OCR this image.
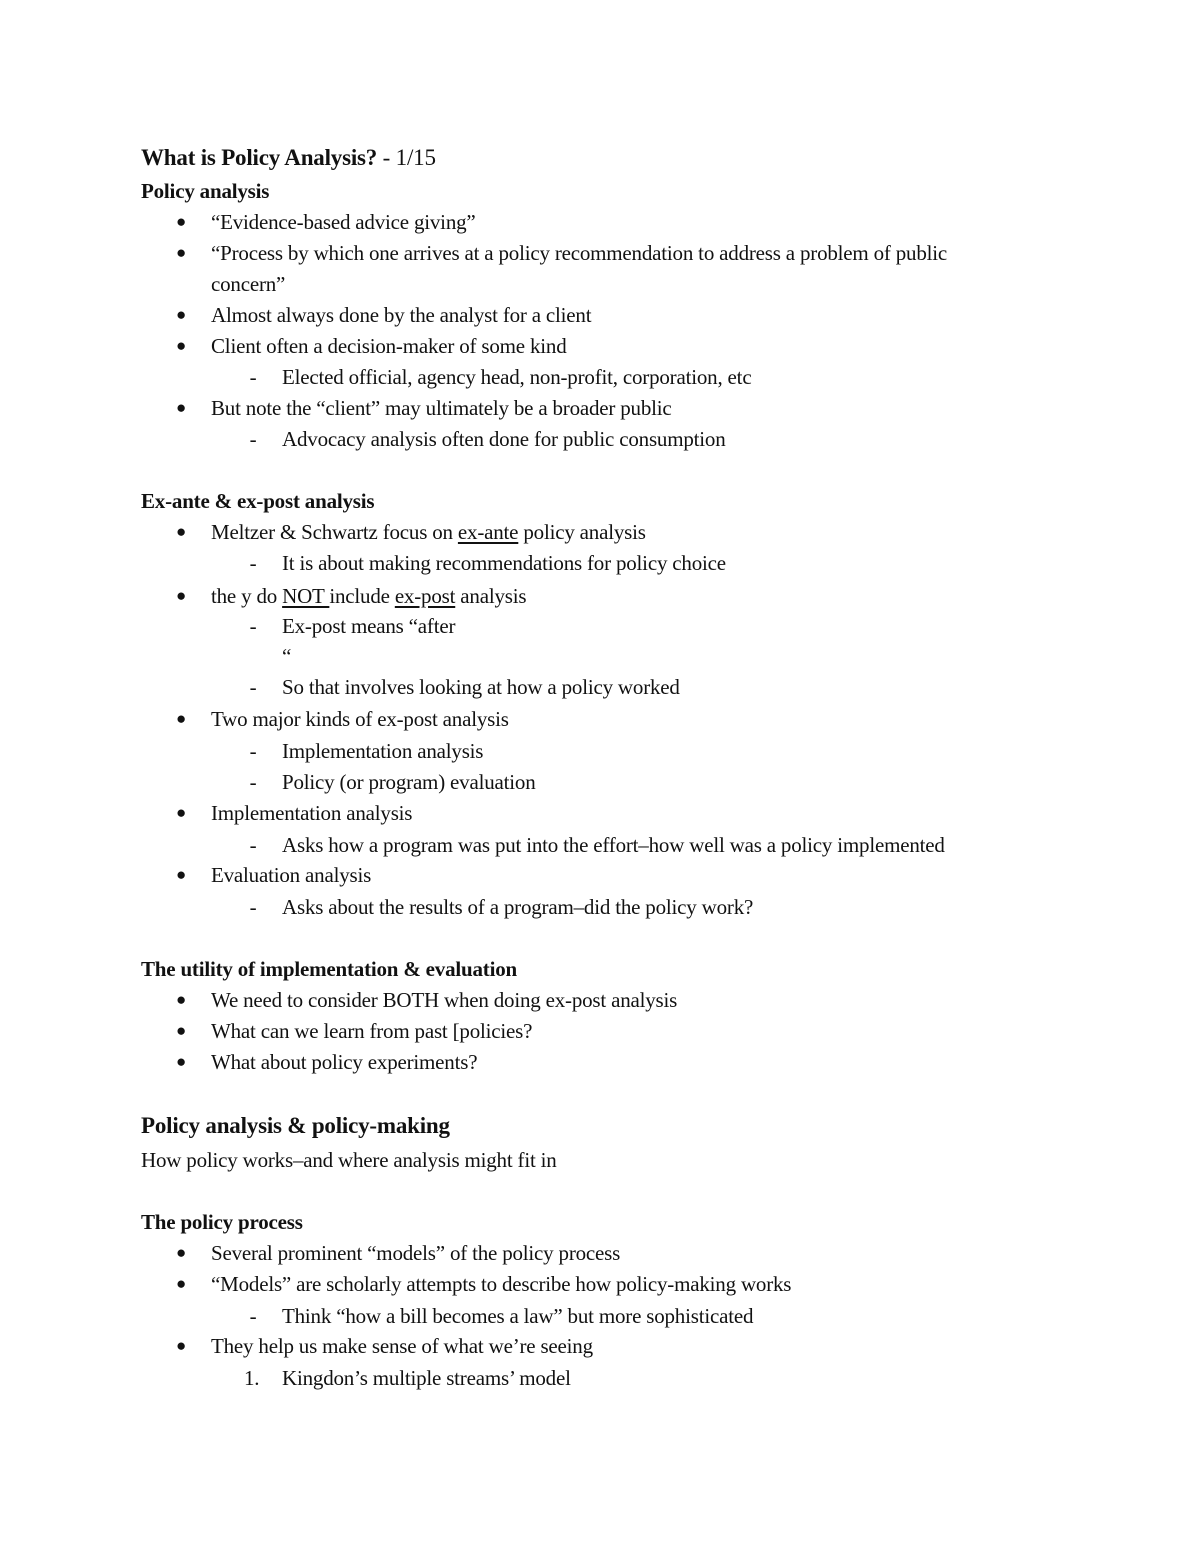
What is Policy Analysis? - 1/15
Policy analysis
● “Evidence-based advice giving”
● “Process by which one arrives at a policy recommendation to address a problem of public
concern”
● Almost always done by the analyst for a client
● Client often a decision-maker of some kind
- Elected official, agency head, non-profit, corporation, etc
● But note the “client” may ultimately be a broader public
- Advocacy analysis often done for public consumption
Ex-ante & ex-post analysis
● Meltzer & Schwartz focus on ex-ante policy analysis
- It is about making recommendations for policy choice
● the y do NOT include ex-post analysis
- Ex-post means “after
“
- So that involves looking at how a policy worked
● Two major kinds of ex-post analysis
- Implementation analysis
- Policy (or program) evaluation
● Implementation analysis
- Asks how a program was put into the effort–how well was a policy implemented
● Evaluation analysis
- Asks about the results of a program–did the policy work?
The utility of implementation & evaluation
● We need to consider BOTH when doing ex-post analysis
● What can we learn from past [policies?
● What about policy experiments?
Policy analysis & policy-making
How policy works–and where analysis might fit in
The policy process
● Several prominent “models” of the policy process
● “Models” are scholarly attempts to describe how policy-making works
- Think “how a bill becomes a law” but more sophisticated
● They help us make sense of what we’re seeing
1. Kingdon’s multiple streams’ model
